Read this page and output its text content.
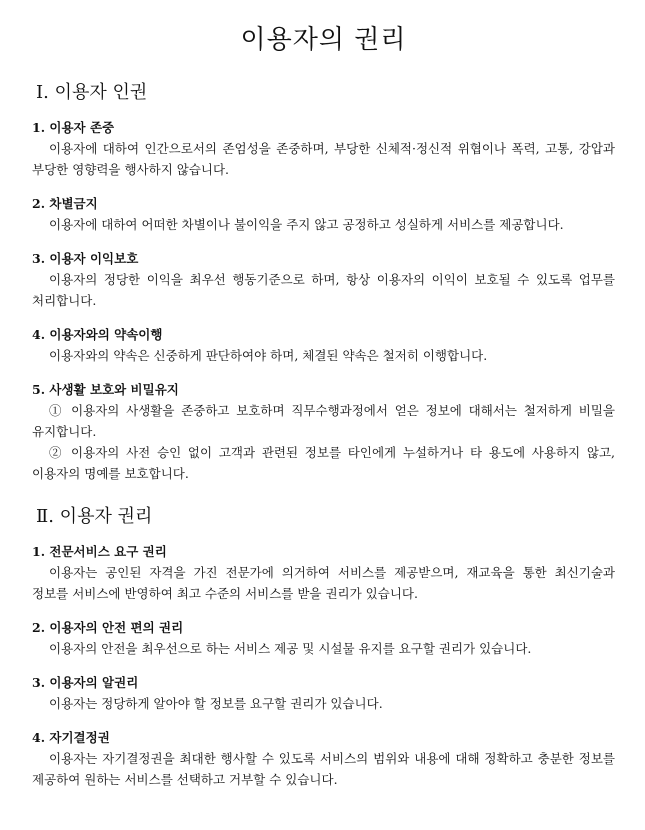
이용자의 권리
Ⅰ. 이용자 인권

1. 이용자 존중

이용자에 대하여 인간으로서의 존엄성을 존중하며, 부당한 신체적·정신적 위협이나 폭력, 고통, 강압과 부당한 영향력을 행사하지 않습니다.

2. 차별금지

이용자에 대하여 어떠한 차별이나 불이익을 주지 않고 공정하고 성실하게 서비스를 제공합니다.

3. 이용자 이익보호

이용자의 정당한 이익을 최우선 행동기준으로 하며, 항상 이용자의 이익이 보호될 수 있도록 업무를 처리합니다.

4. 이용자와의 약속이행

이용자와의 약속은 신중하게 판단하여야 하며, 체결된 약속은 철저히 이행합니다.

5. 사생활 보호와 비밀유지

① 이용자의 사생활을 존중하고 보호하며 직무수행과정에서 얻은 정보에 대해서는 철저하게 비밀을 유지합니다.

② 이용자의 사전 승인 없이 고객과 관련된 정보를 타인에게 누설하거나 타 용도에 사용하지 않고, 이용자의 명예를 보호합니다.

Ⅱ. 이용자 권리

1. 전문서비스 요구 권리

이용자는 공인된 자격을 가진 전문가에 의거하여 서비스를 제공받으며, 재교육을 통한 최신기술과 정보를 서비스에 반영하여 최고 수준의 서비스를 받을 권리가 있습니다.

2. 이용자의 안전 편의 권리

이용자의 안전을 최우선으로 하는 서비스 제공 및 시설물 유지를 요구할 권리가 있습니다.

3. 이용자의 알권리

이용자는 정당하게 알아야 할 정보를 요구할 권리가 있습니다.

4. 자기결정권

이용자는 자기결정권을 최대한 행사할 수 있도록 서비스의 범위와 내용에 대해 정확하고 충분한 정보를 제공하여 원하는 서비스를 선택하고 거부할 수 있습니다.
